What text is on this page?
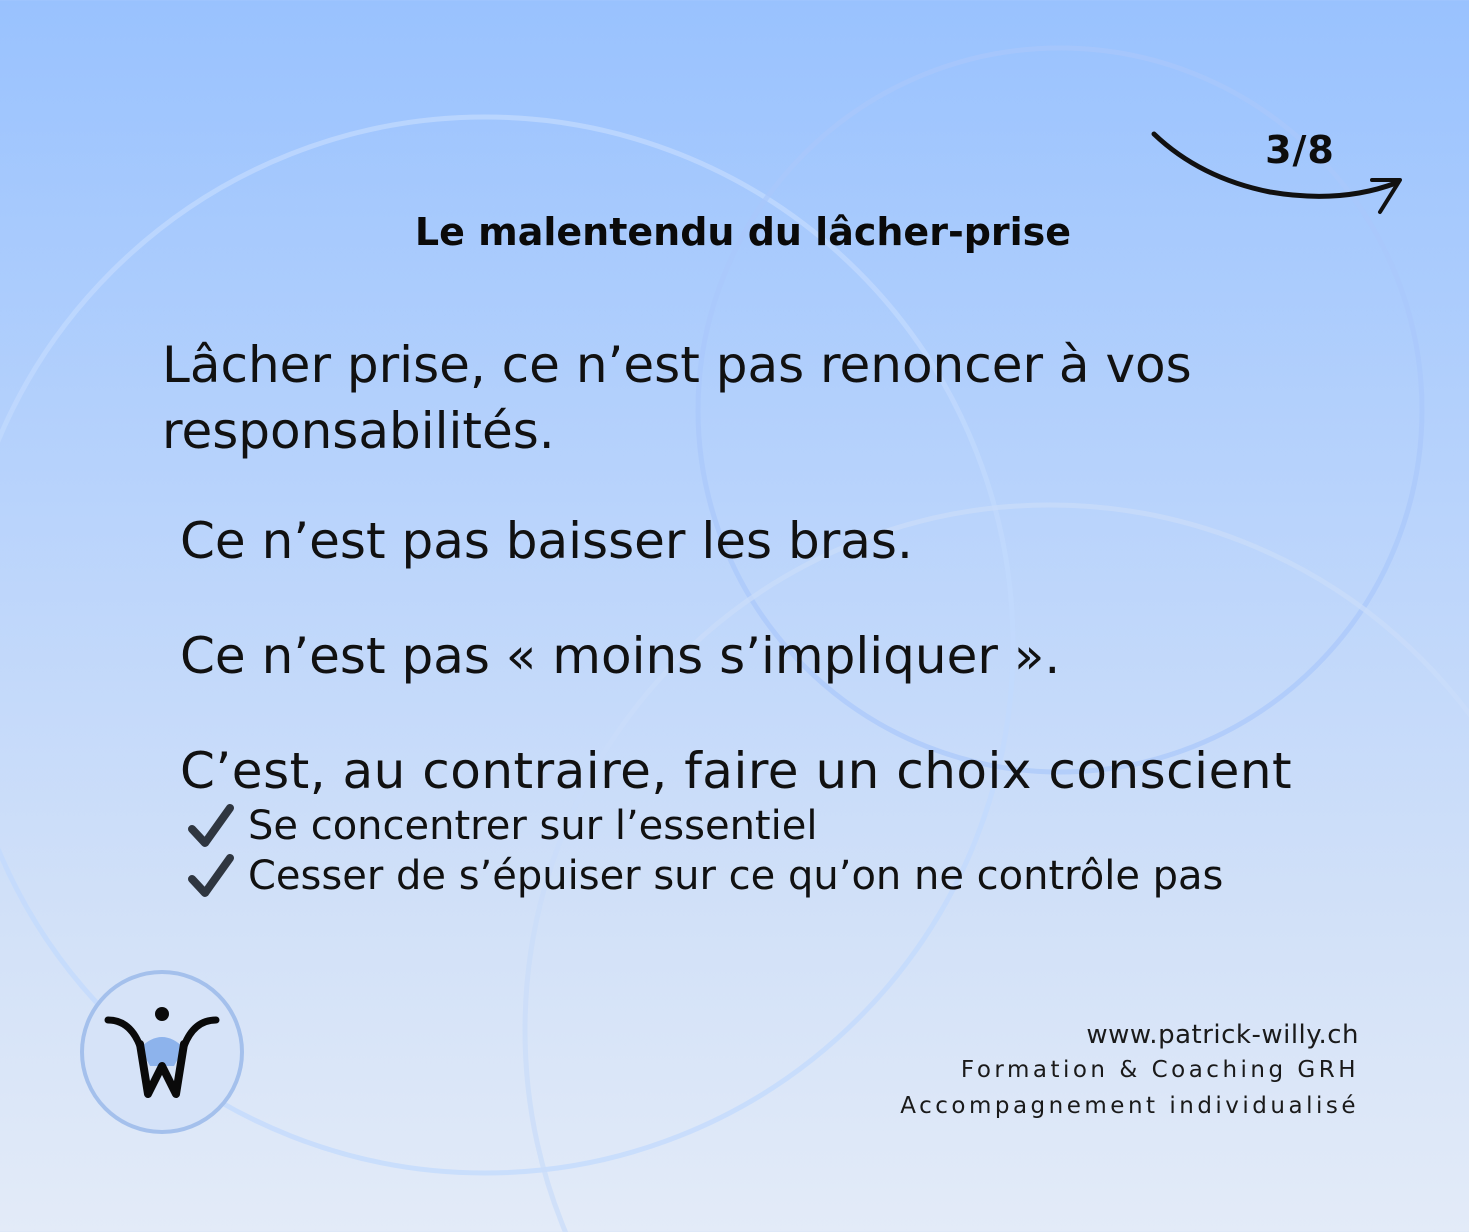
3/8
Le malentendu du lâcher-prise
Lâcher prise, ce n’est pas renoncer à vos responsabilités.
Ce n’est pas baisser les bras.
Ce n’est pas « moins s’impliquer ».
C’est, au contraire, faire un choix conscient
Se concentrer sur l’essentiel
Cesser de s’épuiser sur ce qu’on ne contrôle pas
www.patrick-willy.ch
Formation & Coaching GRH
Accompagnement individualisé
